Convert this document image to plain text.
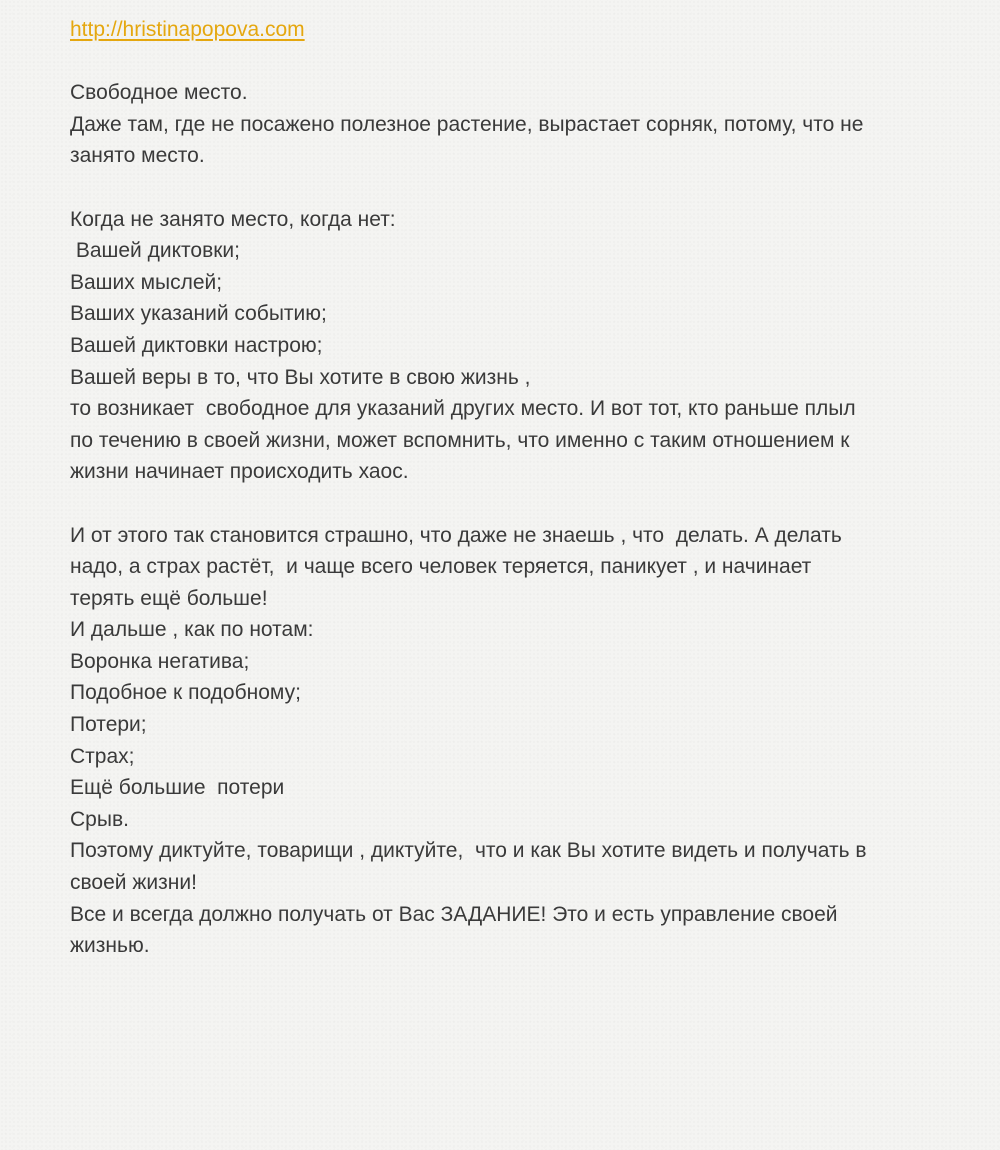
http://hristinapopova.com

Свободное место.

Даже там, где не посажено полезное растение, вырастает сорняк, потому, что не

занято место.

Когда не занято место, когда нет:

Вашей диктовки;

Ваших мыслей;

Ваших указаний событию;

Вашей диктовки настрою;

Вашей веры в то, что Вы хотите в свою жизнь ,

то возникает  свободное для указаний других место. И вот тот, кто раньше плыл

по течению в своей жизни, может вспомнить, что именно с таким отношением к

жизни начинает происходить хаос.

И от этого так становится страшно, что даже не знаешь , что  делать. А делать

надо, а страх растёт,  и чаще всего человек теряется, паникует , и начинает

терять ещё больше!

И дальше , как по нотам:

Воронка негатива;

Подобное к подобному;

Потери;

Страх;

Ещё большие  потери

Срыв.

Поэтому диктуйте, товарищи , диктуйте,  что и как Вы хотите видеть и получать в

своей жизни!

Все и всегда должно получать от Вас ЗАДАНИЕ! Это и есть управление своей

жизнью.
